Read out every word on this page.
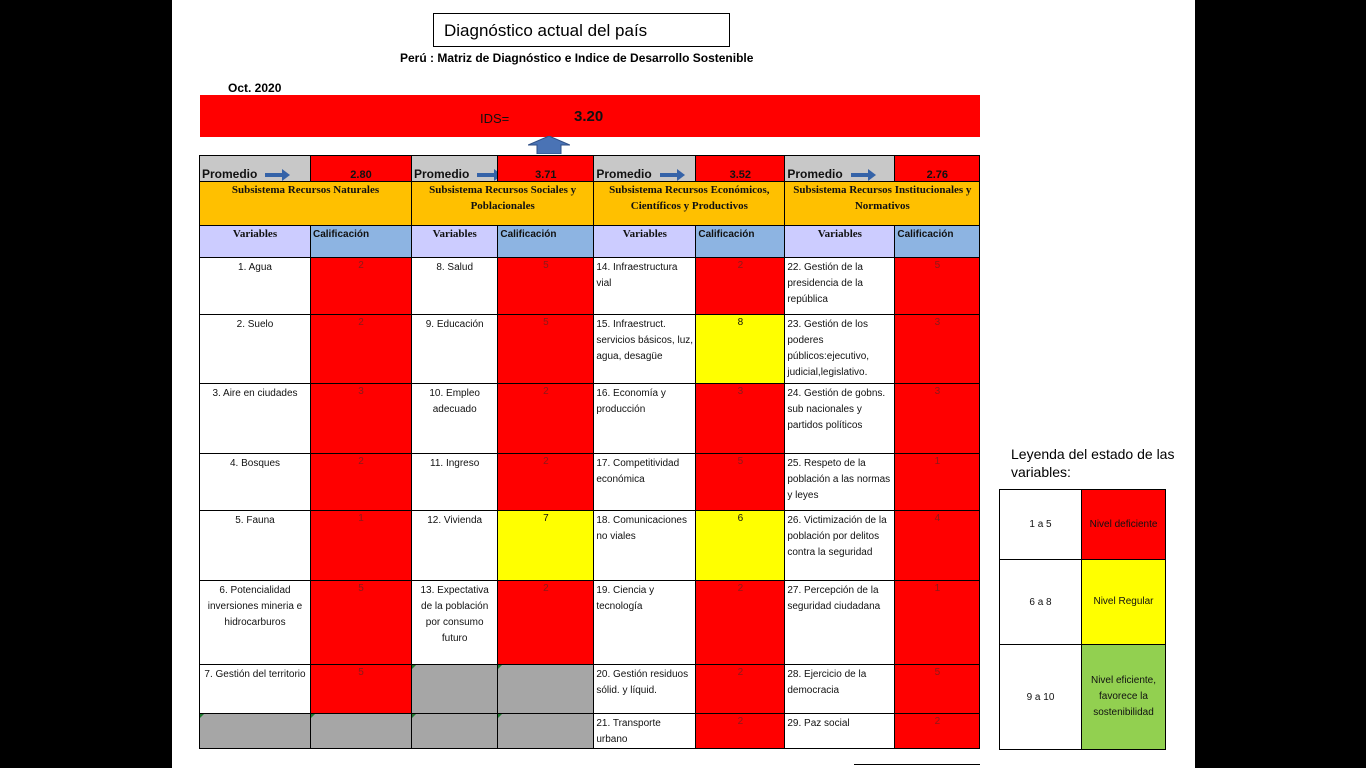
Diagnóstico actual del país
Perú : Matriz de Diagnóstico e Indice de Desarrollo Sostenible
Oct. 2020
IDS=	3.20
Promedio	2.80	Promedio	3.71	Promedio	3.52	Promedio	2.76
Subsistema Recursos Naturales		Subsistema Recursos Sociales y Poblacionales		Subsistema Recursos Económicos, Científicos y Productivos		Subsistema Recursos Institucionales y Normativos	
Variables	Calificación	Variables	Calificación	Variables	Calificación	Variables	Calificación
1. Agua	2	8. Salud	5	14. Infraestructura vial	2	22. Gestión de la presidencia de la república	5
2. Suelo	2	9. Educación	5	15. Infraestruct. servicios básicos, luz, agua, desagüe	8	23. Gestión de los poderes públicos:ejecutivo, judicial,legislativo.	3
3. Aire en ciudades	3	10. Empleo adecuado	2	16. Economía y producción	3	24. Gestión de gobns. sub nacionales y partidos políticos	3
4. Bosques	2	11. Ingreso	2	17. Competitividad económica	5	25. Respeto de la población a las normas y leyes	1
5. Fauna	1	12. Vivienda	7	18. Comunicaciones no viales	6	26. Victimización de la población por delitos contra la seguridad	4
6. Potencialidad inversiones mineria e hidrocarburos	5	13. Expectativa de la población por consumo futuro	2	19. Ciencia y tecnología	2	27. Percepción de la seguridad ciudadana	1
7. Gestión del territorio	5			20. Gestión residuos sólid. y líquid.	2	28. Ejercicio de la democracia	5
				21. Transporte urbano	2	29. Paz social	2
Leyenda del estado de las variables:
1 a 5	Nivel deficiente
6 a 8	Nivel Regular
9 a 10	Nivel eficiente, favorece la sostenibilidad
